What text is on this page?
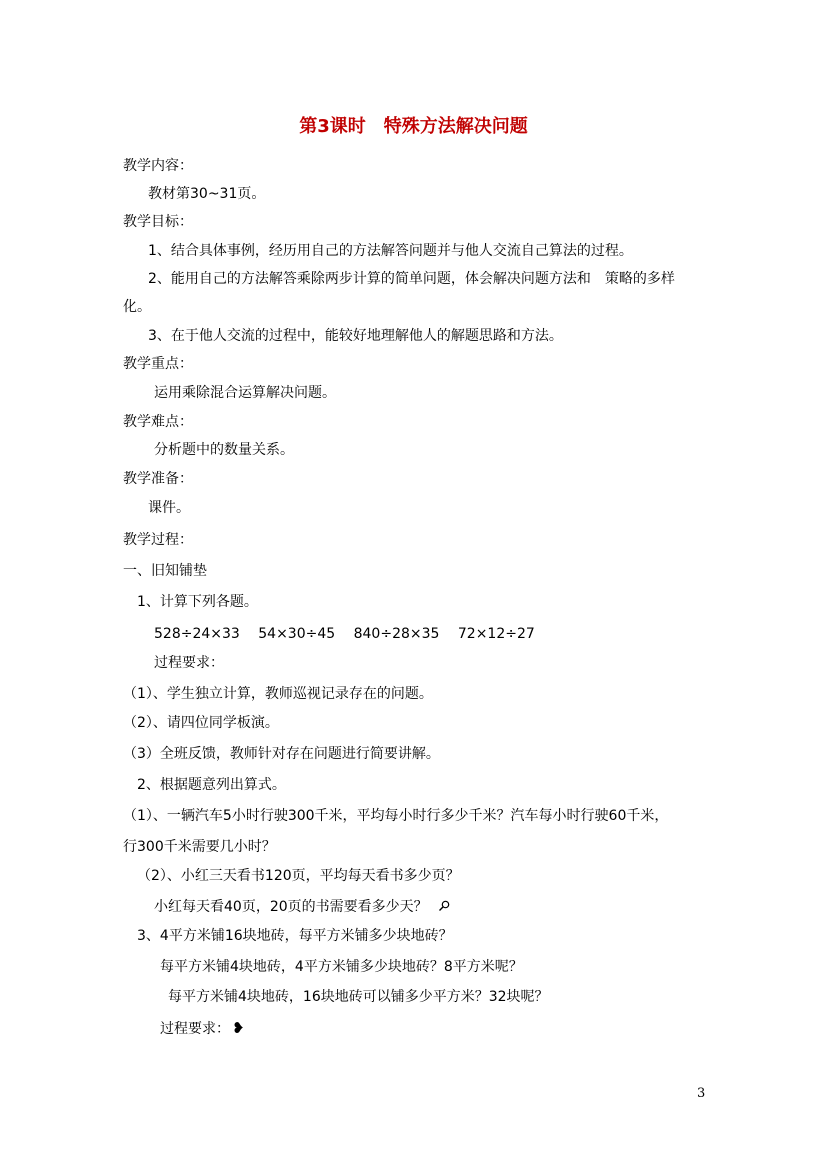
第3课时　特殊方法解决问题
教学内容：
教材第30~31页。
教学目标：
1、结合具体事例，经历用自己的方法解答问题并与他人交流自己算法的过程。
2、能用自己的方法解答乘除两步计算的简单问题，体会解决问题方法和　策略的多样
化。
3、在于他人交流的过程中，能较好地理解他人的解题思路和方法。
教学重点：
运用乘除混合运算解决问题。
教学难点：
分析题中的数量关系。
教学准备：
课件。
教学过程：
一、旧知铺垫
1、计算下列各题。
528÷24×33　 54×30÷45　 840÷28×35　 72×12÷27
过程要求：
（1）、学生独立计算，教师巡视记录存在的问题。
（2）、请四位同学板演。
（3）全班反馈，教师针对存在问题进行简要讲解。
2、根据题意列出算式。
（1）、一辆汽车5小时行驶300千米，平均每小时行多少千米？汽车每小时行驶60千米，
行300千米需要几小时？
（2）、小红三天看书120页，平均每天看书多少页？
小红每天看40页，20页的书需要看多少天？
3、4平方米铺16块地砖，每平方米铺多少块地砖？
每平方米铺4块地砖，4平方米铺多少块地砖？8平方米呢？
每平方米铺4块地砖，16块地砖可以铺多少平方米？32块呢？
过程要求： ❥
3
